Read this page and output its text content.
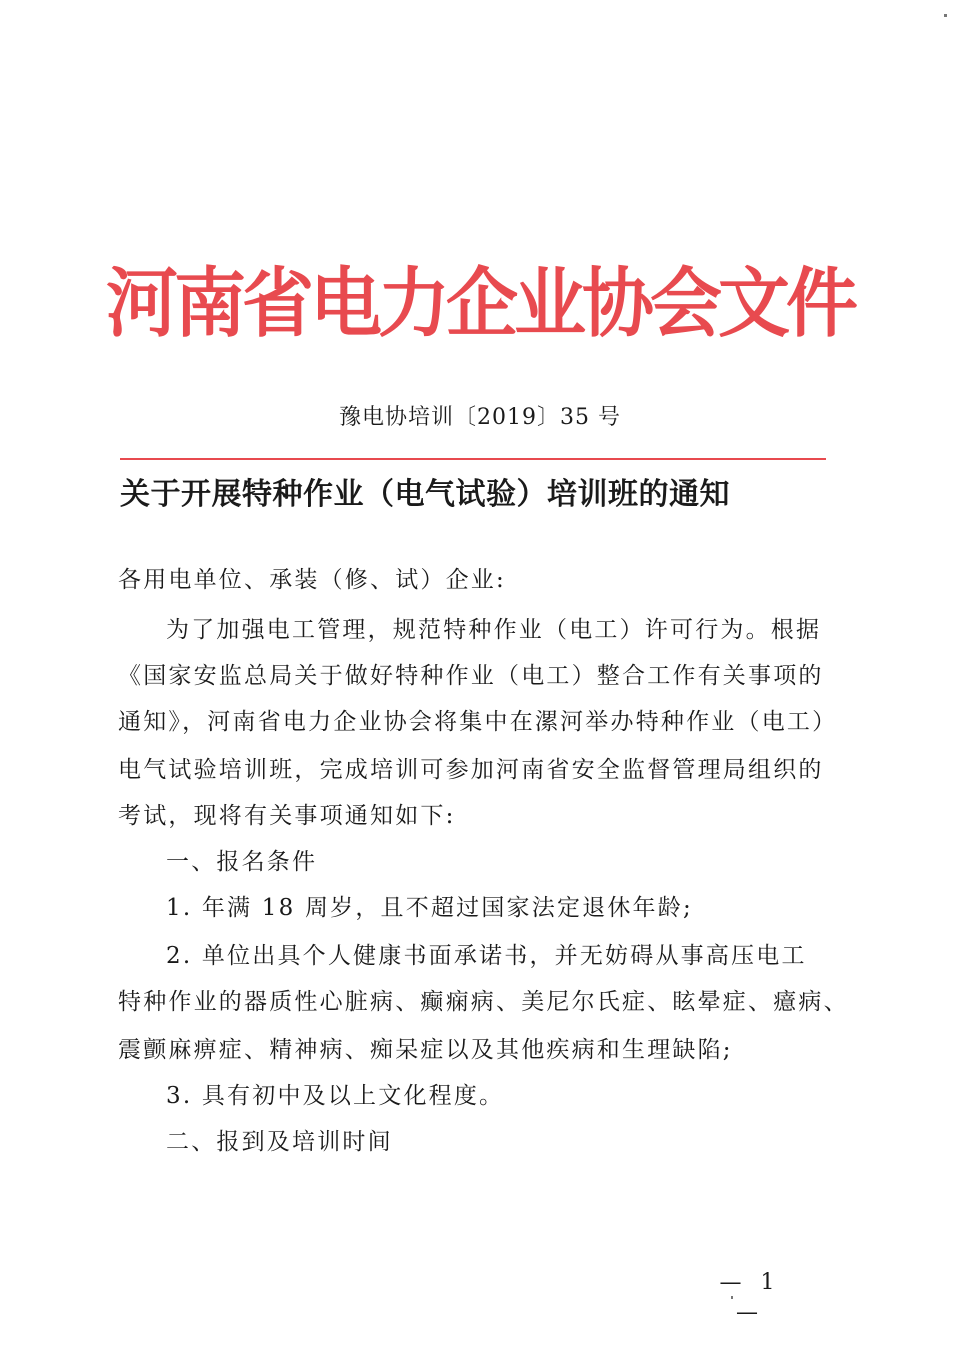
河南省电力企业协会文件
豫电协培训〔2019〕35 号
关于开展特种作业（电气试验）培训班的通知
各用电单位、承装（修、试）企业:
为了加强电工管理，规范特种作业（电工）许可行为。根据
《国家安监总局关于做好特种作业（电工）整合工作有关事项的
通知》，河南省电力企业协会将集中在漯河举办特种作业（电工）
电气试验培训班，完成培训可参加河南省安全监督管理局组织的
考试，现将有关事项通知如下:
一、报名条件
1. 年满 18 周岁，且不超过国家法定退休年龄;
2. 单位出具个人健康书面承诺书，并无妨碍从事高压电工
特种作业的器质性心脏病、癫痫病、美尼尔氏症、眩晕症、癔病、
震颤麻痹症、精神病、痴呆症以及其他疾病和生理缺陷;
3. 具有初中及以上文化程度。
二、报到及培训时间
— 1 —
